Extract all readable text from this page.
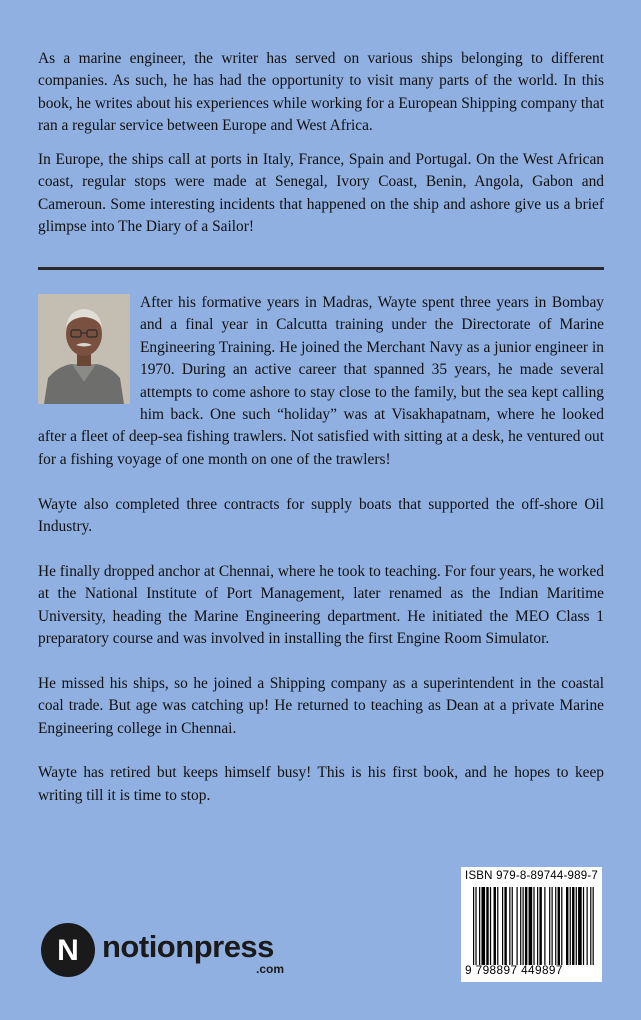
As a marine engineer, the writer has served on various ships belonging to different companies. As such, he has had the opportunity to visit many parts of the world. In this book, he writes about his experiences while working for a European Shipping company that ran a regular service between Europe and West Africa.

In Europe, the ships call at ports in Italy, France, Spain and Portugal. On the West African coast, regular stops were made at Senegal, Ivory Coast, Benin, Angola, Gabon and Cameroun. Some interesting incidents that happened on the ship and ashore give us a brief glimpse into The Diary of a Sailor!

After his formative years in Madras, Wayte spent three years in Bombay and a final year in Calcutta training under the Directorate of Marine Engineering Training. He joined the Merchant Navy as a junior engineer in 1970. During an active career that spanned 35 years, he made several attempts to come ashore to stay close to the family, but the sea kept calling him back. One such “holiday” was at Visakhapatnam, where he looked after a fleet of deep-sea fishing trawlers. Not satisfied with sitting at a desk, he ventured out for a fishing voyage of one month on one of the trawlers!

Wayte also completed three contracts for supply boats that supported the off-shore Oil Industry.

He finally dropped anchor at Chennai, where he took to teaching. For four years, he worked at the National Institute of Port Management, later renamed as the Indian Maritime University, heading the Marine Engineering department. He initiated the MEO Class 1 preparatory course and was involved in installing the first Engine Room Simulator.

He missed his ships, so he joined a Shipping company as a superintendent in the coastal coal trade. But age was catching up! He returned to teaching as Dean at a private Marine Engineering college in Chennai.

Wayte has retired but keeps himself busy! This is his first book, and he hopes to keep writing till it is time to stop.

N notionpress
.com
ISBN 979-8-89744-989-7
9 798897 449897
